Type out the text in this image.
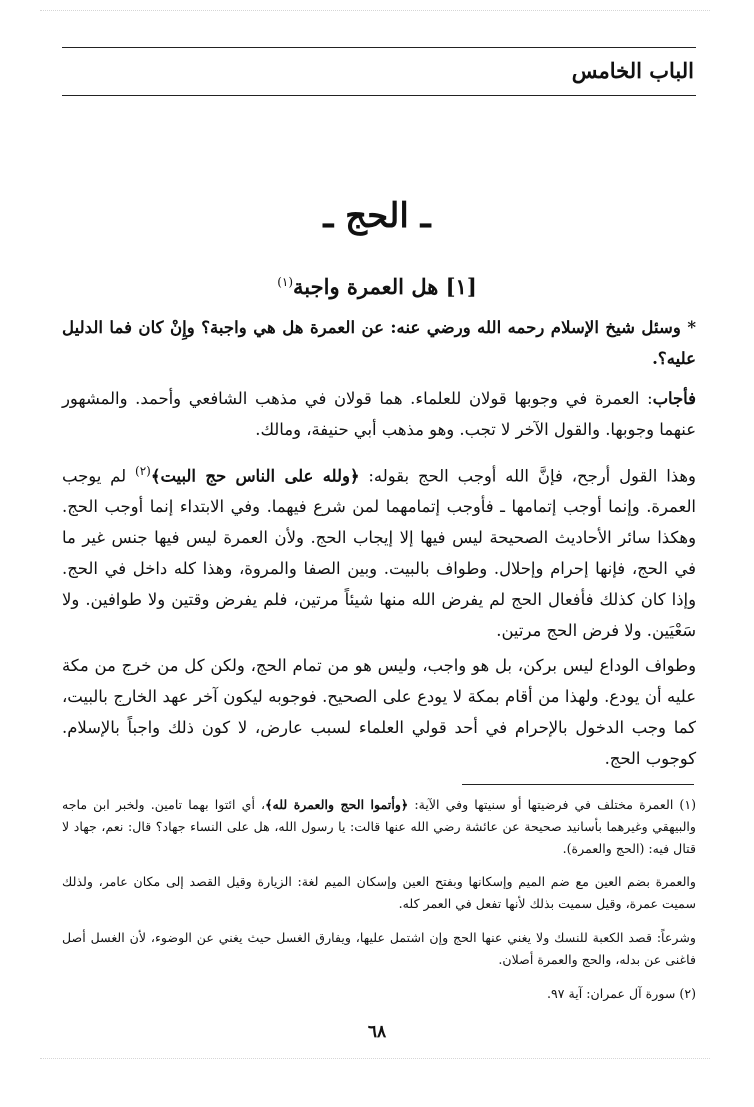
الباب الخامس
ـ الحج ـ
[١] هل العمرة واجبة$^{(١)}$
* وسئل شيخ الإسلام رحمه الله ورضي عنه: عن العمرة هل هي واجبة؟ وإِنْ كان فما الدليل عليه؟.
فأجاب: العمرة في وجوبها قولان للعلماء. هما قولان في مذهب الشافعي وأحمد. والمشهور عنهما وجوبها. والقول الآخر لا تجب. وهو مذهب أبي حنيفة، ومالك.
وهذا القول أرجح، فإنَّ الله أوجب الحج بقوله: ﴿ولله على الناس حج البيت﴾$^{(٢)}$ لم يوجب العمرة. وإنما أوجب إتمامها ـ فأوجب إتمامهما لمن شرع فيهما. وفي الابتداء إنما أوجب الحج. وهكذا سائر الأحاديث الصحيحة ليس فيها إلا إيجاب الحج. ولأن العمرة ليس فيها جنس غير ما في الحج، فإنها إحرام وإحلال. وطواف بالبيت. وبين الصفا والمروة، وهذا كله داخل في الحج. وإذا كان كذلك فأفعال الحج لم يفرض الله منها شيئاً مرتين، فلم يفرض وقتين ولا طوافين. ولا سَعْيَين. ولا فرض الحج مرتين.
وطواف الوداع ليس بركن، بل هو واجب، وليس هو من تمام الحج، ولكن كل من خرج من مكة عليه أن يودع. ولهذا من أقام بمكة لا يودع على الصحيح. فوجوبه ليكون آخر عهد الخارج بالبيت، كما وجب الدخول بالإحرام في أحد قولي العلماء لسبب عارض، لا كون ذلك واجباً بالإسلام. كوجوب الحج.
(١) العمرة مختلف في فرضيتها أو سنيتها وفي الآية: ﴿وأتموا الحج والعمرة لله﴾، أي ائتوا بهما تامين. ولخبر ابن ماجه والبيهقي وغيرهما بأسانيد صحيحة عن عائشة رضي الله عنها قالت: يا رسول الله، هل على النساء جهاد؟ قال: نعم، جهاد لا قتال فيه: (الحج والعمرة).
والعمرة بضم العين مع ضم الميم وإسكانها وبفتح العين وإسكان الميم لغة: الزيارة وقيل القصد إلى مكان عامر، ولذلك سميت عمرة، وقيل سميت بذلك لأنها تفعل في العمر كله.
وشرعاً: قصد الكعبة للنسك ولا يغني عنها الحج وإن اشتمل عليها، ويفارق الغسل حيث يغني عن الوضوء، لأن الغسل أصل فاغنى عن بدله، والحج والعمرة أصلان.
(٢) سورة آل عمران: آية ٩٧.
٦٨
